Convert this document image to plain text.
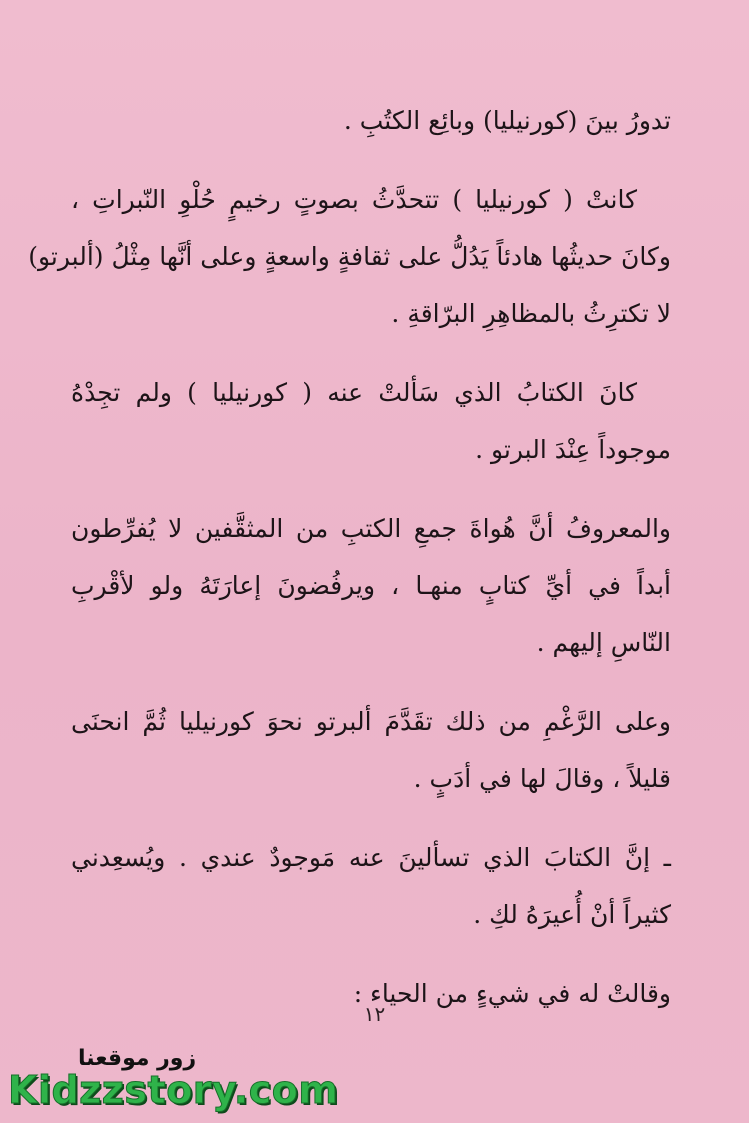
تدورُ بينَ (كورنيليا) وبائِع الكتُبِ .
كانتْ ( كورنيليا ) تتحدَّثُ بصوتٍ رخيمٍ حُلْوِ النّبراتِ ،
وكانَ حديثُها هادئاً يَدُلُّ على ثقافةٍ واسعةٍ وعلى أنَّها مِثْلُ (ألبرتو)
لا تكترِثُ بالمظاهِرِ البرّاقةِ .
كانَ الكتابُ الذي سَألتْ عنه ( كورنيليا ) ولم تجِدْهُ
موجوداً عِنْدَ البرتو .
والمعروفُ أنَّ هُواةَ جمعِ الكتبِ من المثقَّفين لا يُفرِّطون
أبداً في أيِّ كتابٍ منهـا ، ويرفُضونَ إعارَتَهُ ولو لأقْربِ
النّاسِ إليهم .
وعلى الرَّغْمِ من ذلك تقَدَّمَ ألبرتو نحوَ كورنيليا ثُمَّ انحنَى
قليلاً ، وقالَ لها في أدَبٍ .
ـ إنَّ الكتابَ الذي تسألينَ عنه مَوجودٌ عندي . ويُسعِدني
كثيراً أنْ أُعيرَهُ لكِ .
وقالتْ له في شيءٍ من الحياء :
١٢
زور موقعنا
Kidzzstory.com
